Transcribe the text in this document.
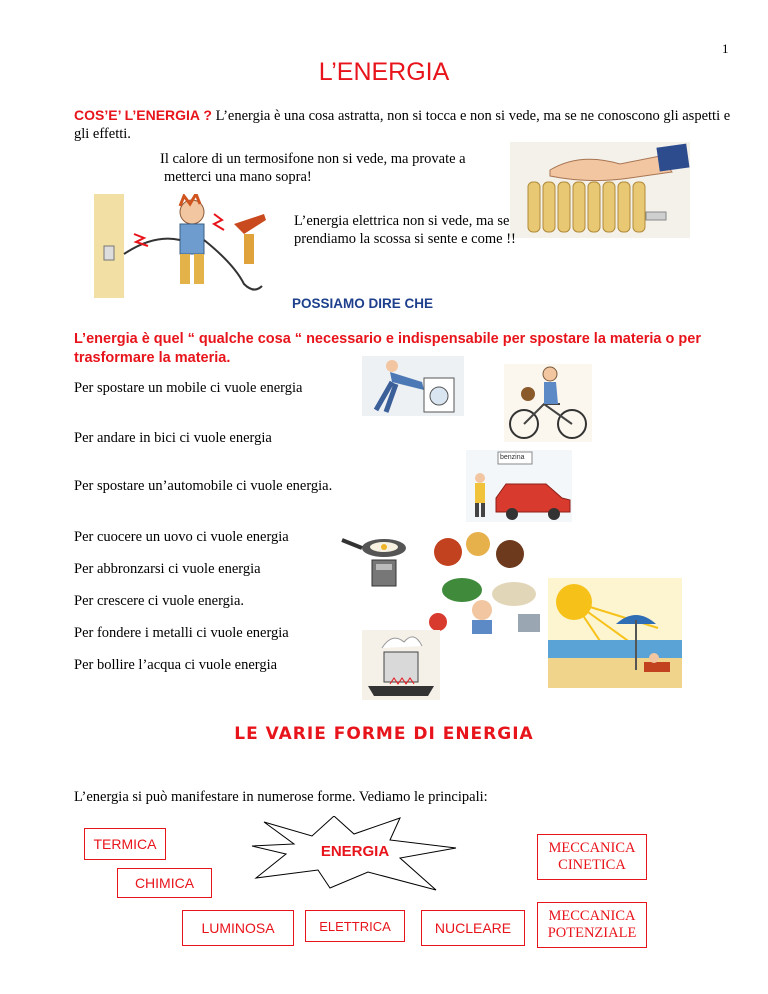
1
L’ENERGIA
COS’E’ L’ENERGIA ? L’energia è una cosa astratta, non si tocca e non si vede, ma se ne conoscono gli aspetti e gli effetti.
Il calore di un termosifone non si vede, ma provate a
metterci una mano sopra!
L’energia elettrica non si vede, ma se
prendiamo la scossa si sente e come !!
POSSIAMO DIRE CHE
L’energia è quel “ qualche cosa “ necessario e indispensabile per spostare la materia o per trasformare la materia.
Per spostare un mobile ci vuole energia
Per andare in bici ci vuole energia
Per spostare un’automobile ci vuole energia.
Per cuocere un uovo ci vuole energia
Per abbronzarsi ci vuole energia
Per crescere ci vuole energia.
Per fondere i metalli ci vuole energia
Per bollire l’acqua ci vuole energia
benzina
LE VARIE FORME DI ENERGIA
L’energia si può manifestare in numerose forme. Vediamo le principali:
TERMICA	ENERGIA	MECCANICA
CINETICA
CHIMICA
LUMINOSA	ELETTRICA	NUCLEARE
MECCANICA
POTENZIALE
